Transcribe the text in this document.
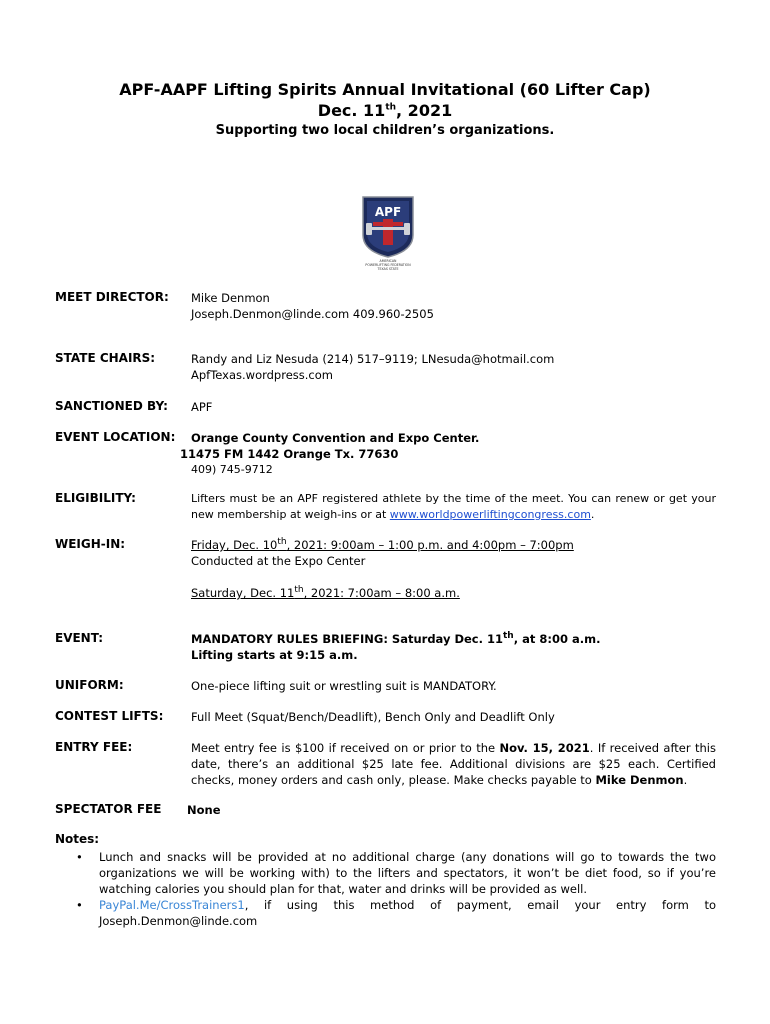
APF-AAPF Lifting Spirits Annual Invitational (60 Lifter Cap)
Dec. 11th, 2021
Supporting two local children’s organizations.
APF
AMERICAN
POWERLIFTING FEDERATION
TEXAS STATE
MEET DIRECTOR: Mike Denmon

Joseph.Denmon@linde.com 409.960-2505

STATE CHAIRS:	Randy and Liz Nesuda (214) 517–9119; LNesuda@hotmail.com

ApfTexas.wordpress.com

SANCTIONED BY: APF
EVENT LOCATION:	Orange County Convention and Expo Center.

11475 FM 1442 Orange Tx. 77630

409) 745-9712

ELIGIBILITY:	Lifters must be an APF registered athlete by the time of the meet. You can renew or get your new membership at weigh-ins or at www.worldpowerliftingcongress.com.
WEIGH-IN:	Friday, Dec. 10th, 2021: 9:00am – 1:00 p.m. and 4:00pm – 7:00pm

Conducted at the Expo Center

Saturday, Dec. 11th, 2021: 7:00am – 8:00 a.m.

EVENT:	MANDATORY RULES BRIEFING: Saturday Dec. 11th, at 8:00 a.m.

Lifting starts at 9:15 a.m.

UNIFORM:	One-piece lifting suit or wrestling suit is MANDATORY.
CONTEST LIFTS: Full Meet (Squat/Bench/Deadlift), Bench Only and Deadlift Only
ENTRY FEE:	Meet entry fee is $100 if received on or prior to the Nov. 15, 2021. If received after this date, there’s an additional $25 late fee. Additional divisions are $25 each. Certified checks, money orders and cash only, please. Make checks payable to Mike Denmon.
SPECTATOR FEE None
Notes:
• Lunch and snacks will be provided at no additional charge (any donations will go to towards the two organizations we will be working with) to the lifters and spectators, it won’t be diet food, so if you’re watching calories you should plan for that, water and drinks will be provided as well.
• PayPal.Me/CrossTrainers1, if using this method of payment, email your entry form to Joseph.Denmon@linde.com
